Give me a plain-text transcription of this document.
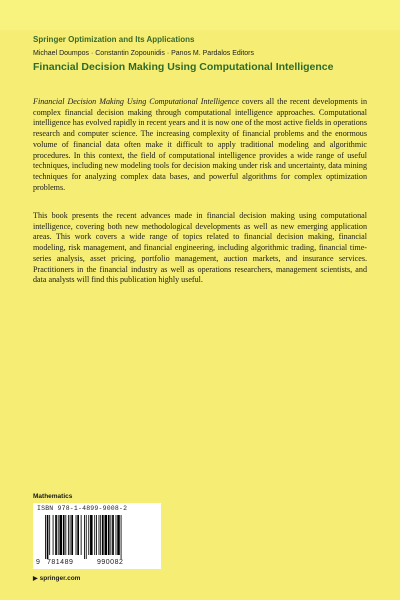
Springer Optimization and Its Applications
Michael Doumpos · Constantin Zopounidis · Panos M. Pardalos Editors
Financial Decision Making Using Computational Intelligence
Financial Decision Making Using Computational Intelligence covers all the recent developments in complex financial decision making through computational intelligence approaches. Computational intelligence has evolved rapidly in recent years and it is now one of the most active fields in operations research and computer science. The increasing complexity of financial problems and the enormous volume of financial data often make it difficult to apply traditional modeling and algorithmic procedures. In this context, the field of computational intelligence provides a wide range of useful techniques, including new modeling tools for decision making under risk and uncertainty, data mining techniques for analyzing complex data bases, and powerful algorithms for complex optimization problems.
This book presents the recent advances made in financial decision making using computational intelligence, covering both new methodological developments as well as new emerging application areas. This work covers a wide range of topics related to financial decision making, financial modeling, risk management, and financial engineering, including algorithmic trading, financial time-series analysis, asset pricing, portfolio management, auction markets, and insurance services. Practitioners in the financial industry as well as operations researchers, management scientists, and data analysts will find this publication highly useful.
Mathematics
ISBN 978-1-4899-9008-2
9 781489	990082
▶ springer.com
